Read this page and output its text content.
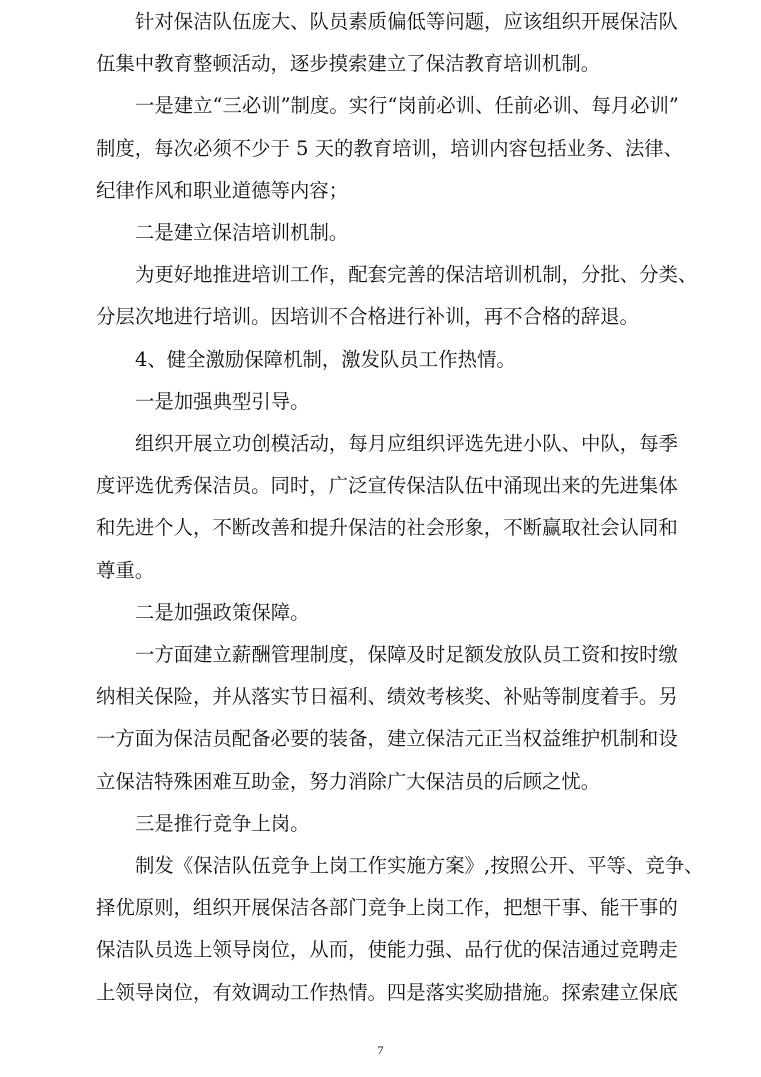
针对保洁队伍庞大、队员素质偏低等问题，应该组织开展保洁队
伍集中教育整顿活动，逐步摸索建立了保洁教育培训机制。
一是建立“三必训”制度。实行“岗前必训、任前必训、每月必训”
制度，每次必须不少于 5 天的教育培训，培训内容包括业务、法律、
纪律作风和职业道德等内容；
二是建立保洁培训机制。
为更好地推进培训工作，配套完善的保洁培训机制，分批、分类、
分层次地进行培训。因培训不合格进行补训，再不合格的辞退。
4、健全激励保障机制，激发队员工作热情。
一是加强典型引导。
组织开展立功创模活动，每月应组织评选先进小队、中队，每季
度评选优秀保洁员。同时，广泛宣传保洁队伍中涌现出来的先进集体
和先进个人，不断改善和提升保洁的社会形象，不断赢取社会认同和
尊重。
二是加强政策保障。
一方面建立薪酬管理制度，保障及时足额发放队员工资和按时缴
纳相关保险，并从落实节日福利、绩效考核奖、补贴等制度着手。另
一方面为保洁员配备必要的装备，建立保洁元正当权益维护机制和设
立保洁特殊困难互助金，努力消除广大保洁员的后顾之忧。
三是推行竞争上岗。
制发《保洁队伍竞争上岗工作实施方案》,按照公开、平等、竞争、
择优原则，组织开展保洁各部门竞争上岗工作，把想干事、能干事的
保洁队员选上领导岗位，从而，使能力强、品行优的保洁通过竞聘走
上领导岗位，有效调动工作热情。四是落实奖励措施。探索建立保底
7
